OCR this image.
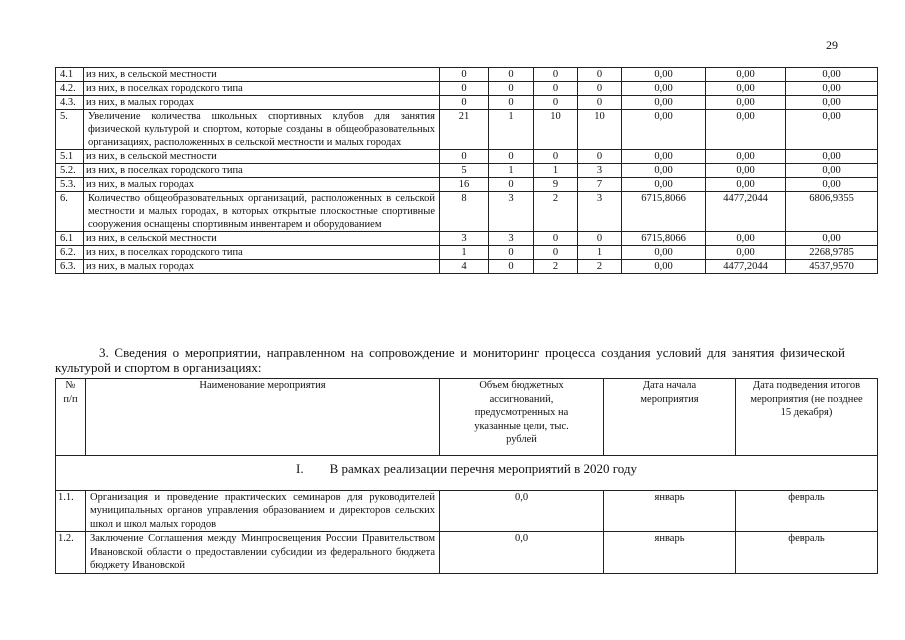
29
4.1	из них, в сельской местности	0	0	0	0	0,00	0,00	0,00
4.2.	из них, в поселках городского типа	0	0	0	0	0,00	0,00	0,00
4.3.	из них, в малых городах	0	0	0	0	0,00	0,00	0,00
5.	Увеличение количества школьных спортивных клубов для занятия физической культурой и спортом, которые созданы в общеобразовательных организациях, расположенных в сельской местности и малых городах	21	1	10	10	0,00	0,00	0,00
5.1	из них, в сельской местности	0	0	0	0	0,00	0,00	0,00
5.2.	из них, в поселках городского типа	5	1	1	3	0,00	0,00	0,00
5.3.	из них, в малых городах	16	0	9	7	0,00	0,00	0,00
6.	Количество общеобразовательных организаций, расположенных в сельской местности и малых городах, в которых открытые плоскостные спортивные сооружения оснащены спортивным инвентарем и оборудованием	8	3	2	3	6715,8066	4477,2044	6806,9355
6.1	из них, в сельской местности	3	3	0	0	6715,8066	0,00	0,00
6.2.	из них, в поселках городского типа	1	0	0	1	0,00	0,00	2268,9785
6.3.	из них, в малых городах	4	0	2	2	0,00	4477,2044	4537,9570
3. Сведения о мероприятии, направленном на сопровождение и мониторинг процесса создания условий для занятия физической культурой и спортом в организациях:
№
п/п	Наименование мероприятия	Объем бюджетных ассигнований, предусмотренных на указанные цели, тыс. рублей	Дата начала мероприятия	Дата подведения итогов мероприятия (не позднее 15 декабря)
I.        В рамках реализации перечня мероприятий в 2020 году				
1.1.	Организация и проведение практических семинаров для руководителей муниципальных органов управления образованием и директоров сельских школ и школ малых городов	0,0	январь	февраль
1.2.	Заключение Соглашения между Минпросвещения России Правительством Ивановской области о предоставлении субсидии из федерального бюджета бюджету Ивановской	0,0	январь	февраль
